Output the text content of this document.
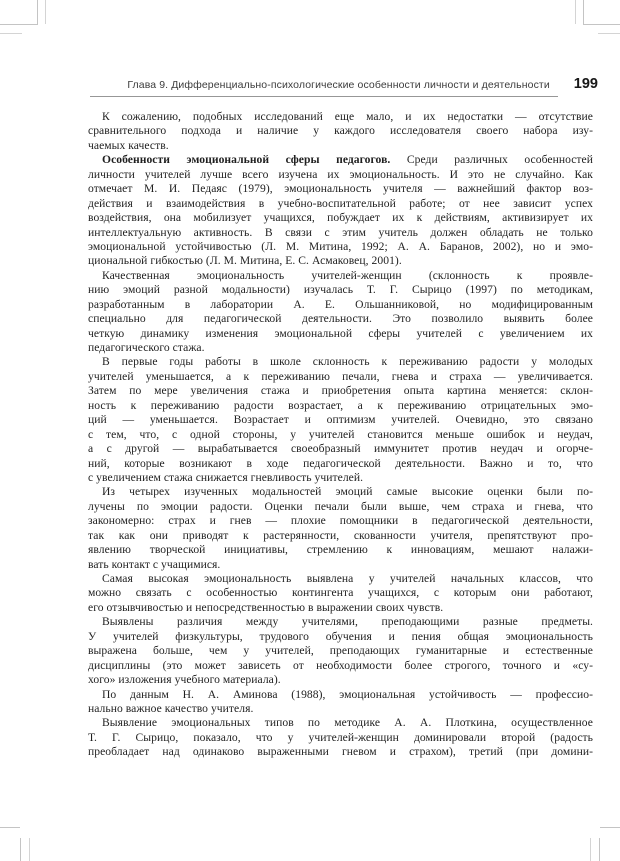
Глава 9. Дифференциально-психологические особенности личности и деятельности	199
К сожалению, подобных исследований еще мало, и их недостатки — отсутствие
сравнительного подхода и наличие у каждого исследователя своего набора изу-
чаемых качеств.
Особенности эмоциональной сферы педагогов. Среди различных особенностей
личности учителей лучше всего изучена их эмоциональность. И это не случайно. Как
отмечает М. И. Педаяс (1979), эмоциональность учителя — важнейший фактор воз-
действия и взаимодействия в учебно-воспитательной работе; от нее зависит успех
воздействия, она мобилизует учащихся, побуждает их к действиям, активизирует их
интеллектуальную активность. В связи с этим учитель должен обладать не только
эмоциональной устойчивостью (Л. М. Митина, 1992; А. А. Баранов, 2002), но и эмо-
циональной гибкостью (Л. М. Митина, Е. С. Асмаковец, 2001).
Качественная эмоциональность учителей-женщин (склонность к проявле-
нию эмоций разной модальности) изучалась Т. Г. Сырицо (1997) по методикам,
разработанным в лаборатории А. Е. Ольшанниковой, но модифицированным
специально для педагогической деятельности. Это позволило выявить более
четкую динамику изменения эмоциональной сферы учителей с увеличением их
педагогического стажа.
В первые годы работы в школе склонность к переживанию радости у молодых
учителей уменьшается, а к переживанию печали, гнева и страха — увеличивается.
Затем по мере увеличения стажа и приобретения опыта картина меняется: склон-
ность к переживанию радости возрастает, а к переживанию отрицательных эмо-
ций — уменьшается. Возрастает и оптимизм учителей. Очевидно, это связано
с тем, что, с одной стороны, у учителей становится меньше ошибок и неудач,
а с другой — вырабатывается своеобразный иммунитет против неудач и огорче-
ний, которые возникают в ходе педагогической деятельности. Важно и то, что
с увеличением стажа снижается гневливость учителей.
Из четырех изученных модальностей эмоций самые высокие оценки были по-
лучены по эмоции радости. Оценки печали были выше, чем страха и гнева, что
закономерно: страх и гнев — плохие помощники в педагогической деятельности,
так как они приводят к растерянности, скованности учителя, препятствуют про-
явлению творческой инициативы, стремлению к инновациям, мешают налажи-
вать контакт с учащимися.
Самая высокая эмоциональность выявлена у учителей начальных классов, что
можно связать с особенностью контингента учащихся, с которым они работают,
его отзывчивостью и непосредственностью в выражении своих чувств.
Выявлены различия между учителями, преподающими разные предметы.
У учителей физкультуры, трудового обучения и пения общая эмоциональность
выражена больше, чем у учителей, преподающих гуманитарные и естественные
дисциплины (это может зависеть от необходимости более строгого, точного и «су-
хого» изложения учебного материала).
По данным Н. А. Аминова (1988), эмоциональная устойчивость — профессио-
нально важное качество учителя.
Выявление эмоциональных типов по методике А. А. Плоткина, осуществленное
Т. Г. Сырицо, показало, что у учителей-женщин доминировали второй (радость
преобладает над одинаково выраженными гневом и страхом), третий (при домини-
